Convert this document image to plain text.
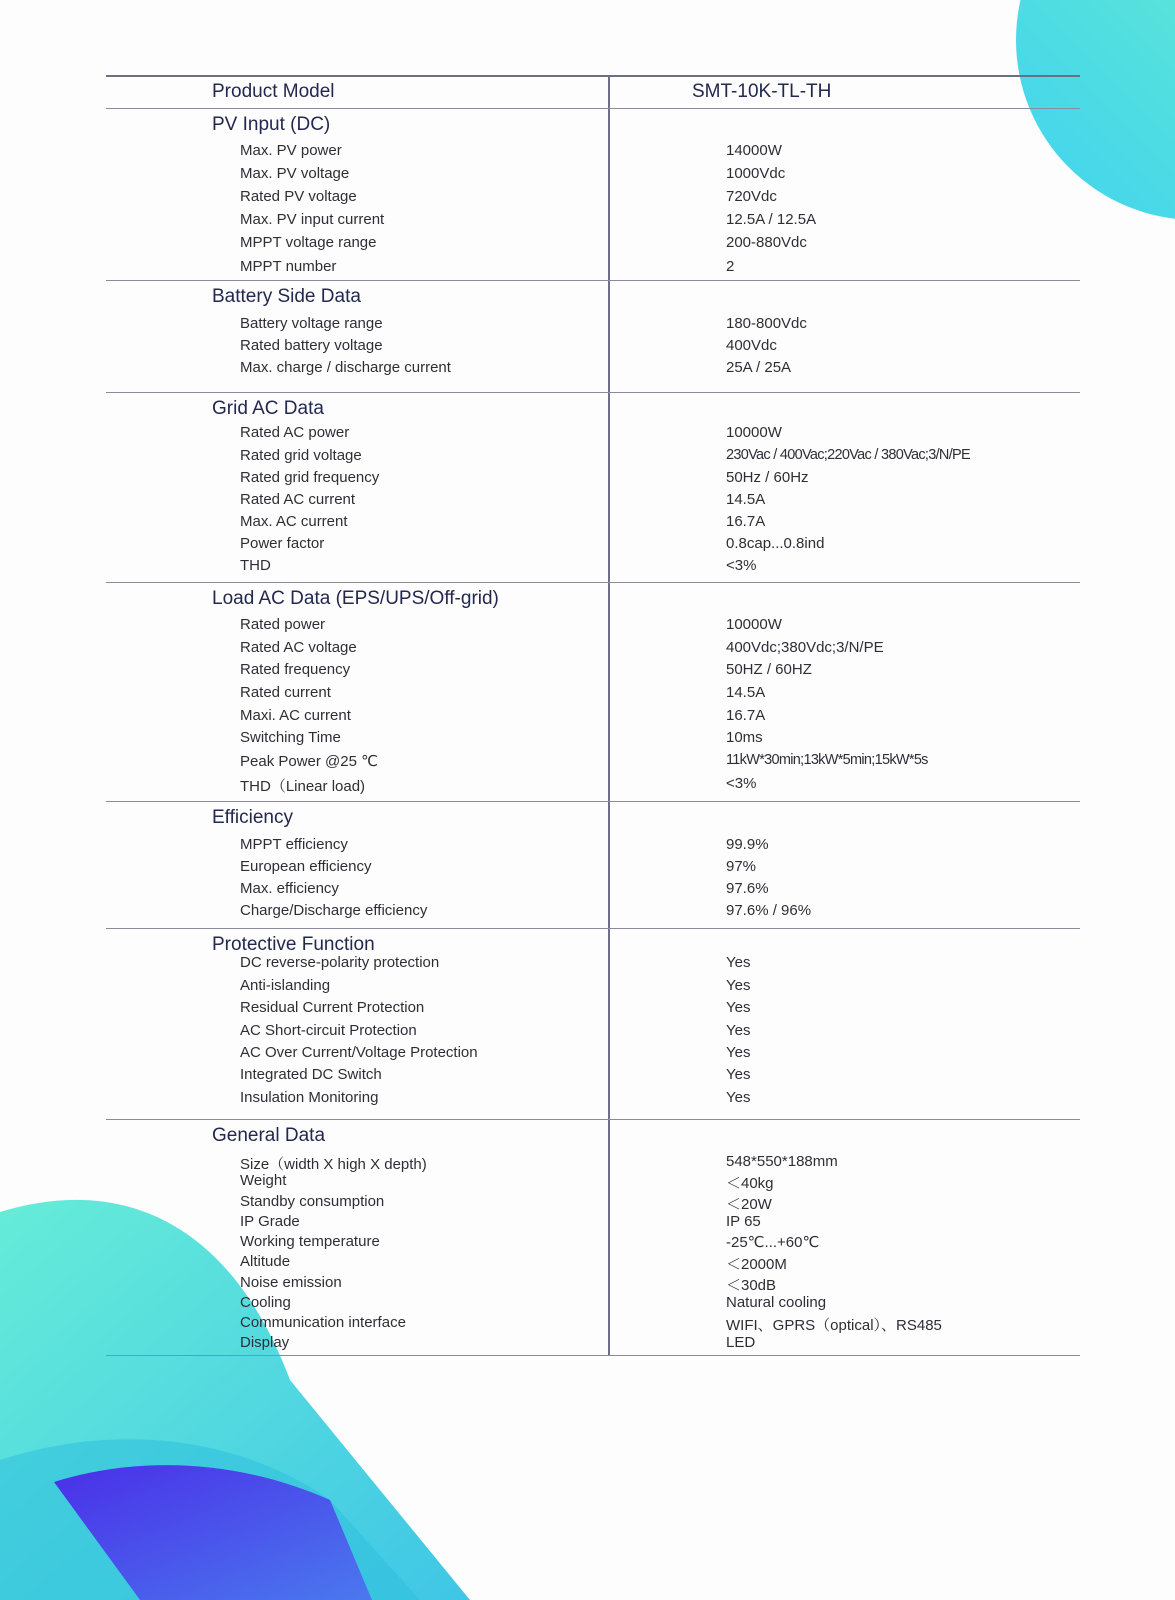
Product Model	SMT-10K-TL-TH
PV Input (DC)
Max. PV power	14000W
Max. PV voltage	1000Vdc
Rated PV voltage	720Vdc
Max. PV input current	12.5A / 12.5A
MPPT voltage range	200-880Vdc
MPPT number	2
Battery Side Data
Battery voltage range	180-800Vdc
Rated battery voltage	400Vdc
Max. charge / discharge current	25A / 25A
Grid AC Data
Rated AC power	10000W
Rated grid voltage	230Vac / 400Vac;220Vac / 380Vac;3/N/PE
Rated grid frequency	50Hz / 60Hz
Rated AC current	14.5A
Max. AC current	16.7A
Power factor	0.8cap...0.8ind
THD	<3%
Load AC Data (EPS/UPS/Off-grid)
Rated power	10000W
Rated AC voltage	400Vdc;380Vdc;3/N/PE
Rated frequency	50HZ / 60HZ
Rated current	14.5A
Maxi. AC current	16.7A
Switching Time	10ms
Peak Power @25 ℃	11kW*30min;13kW*5min;15kW*5s
THD（Linear load)	<3%
Efficiency
MPPT efficiency	99.9%
European efficiency	97%
Max. efficiency	97.6%
Charge/Discharge efficiency	97.6% / 96%
Protective Function
DC reverse-polarity protection	Yes
Anti-islanding	Yes
Residual Current Protection	Yes
AC Short-circuit Protection	Yes
AC Over Current/Voltage Protection	Yes
Integrated DC Switch	Yes
Insulation Monitoring	Yes
General Data
Size（width X high X depth)	548*550*188mm
Weight	＜40kg
Standby consumption	＜20W
IP Grade	IP 65
Working temperature	-25℃...+60℃
Altitude	＜2000M
Noise emission	＜30dB
Cooling	Natural cooling
Communication interface	WIFI、GPRS（optical）、RS485
Display	LED
